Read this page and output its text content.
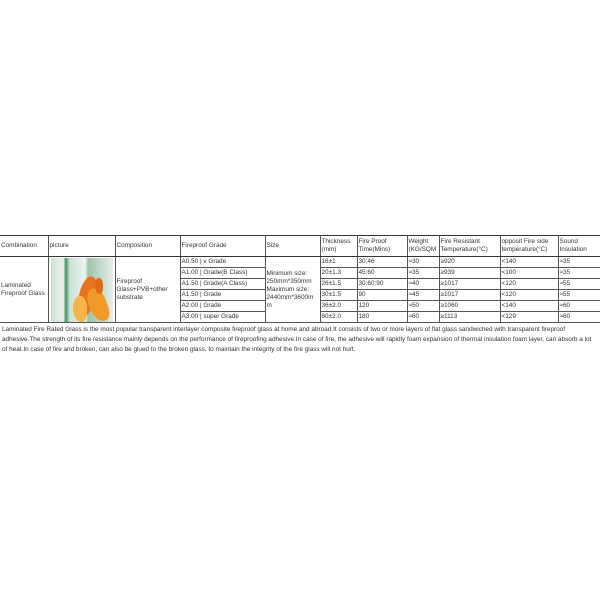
Combination	picture	Composition	Fireproof Grade	Size	Thickness (mm)	Fire Proof Time(Mins)	Weight (KG/SQM	Fire Resistant Temperature(°C)	opposit Fire side temperature(°C)	Sound Insulation
Laminated Fireproof Glass		Fireproof Glass+PVB+other substrate	A0.50 | v Grade	Minimum size: 250mm*350mm Maximum size: 2440mm*3600m m	16±1	30;46	≈30	≥920	<140	≈35
			A1.00 | Grade(B Class)		20±1.3	45;60	≈35	≥939	<100	≈35
			A1.50 | Grade(A Class)		26±1.5	30;60;90	≈40	≥1017	<120	≈55
			A1.50 | Grade		30±1.5	90	≈45	≥1017	<120	≈55
			A2.00 | Grade		36±2.0	120	≈50	≥1060	<140	≈60
			A3.00 | super Grade		60±2.0	180	≈60	≥1113	<129	≈60

Laminated Fire Rated Glass is the most popular transparent interlayer composite fireproof glass at home and abroad.It consists of two or more layers of flat glass sandwiched with transparent fireproof adhesive.The strength of its fire resistance mainly depends on the performance of fireproofing adhesive.In case of fire, the adhesive will rapidly foam expansion of thermal insulation foam layer, can absorb a lot of heat.In case of fire and broken, can also be glued to the broken glass, to maintain the integrity of the fire glass will not hurt.
